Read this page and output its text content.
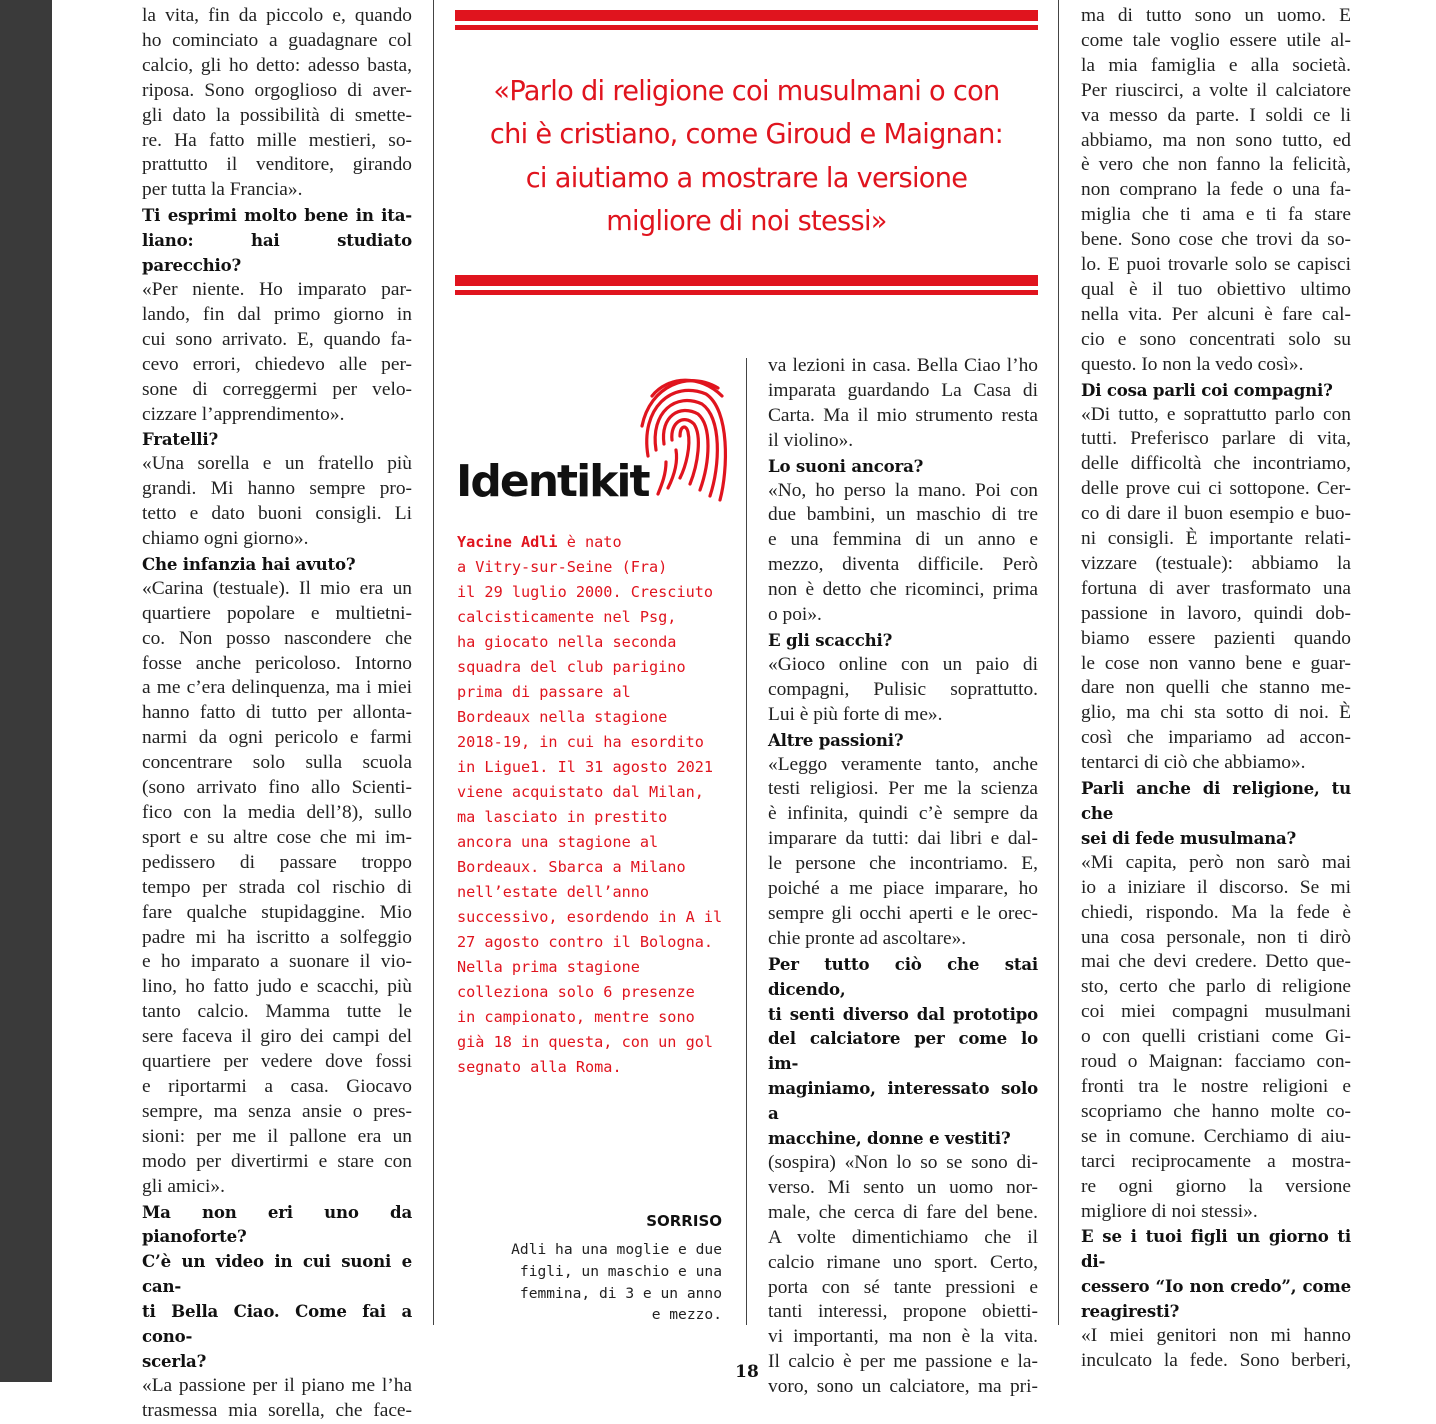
la vita, fin da piccolo e, quando

ho cominciato a guadagnare col

calcio, gli ho detto: adesso basta,

riposa. Sono orgoglioso di aver-

gli dato la possibilità di smette-

re. Ha fatto mille mestieri, so-

prattutto il venditore, girando

per tutta la Francia».

Ti esprimi molto bene in ita-

liano: hai studiato parecchio?

«Per niente. Ho imparato par-

lando, fin dal primo giorno in

cui sono arrivato. E, quando fa-

cevo errori, chiedevo alle per-

sone di correggermi per velo-

cizzare l’apprendimento».

Fratelli?

«Una sorella e un fratello più

grandi. Mi hanno sempre pro-

tetto e dato buoni consigli. Li

chiamo ogni giorno».

Che infanzia hai avuto?

«Carina (testuale). Il mio era un

quartiere popolare e multietni-

co. Non posso nascondere che

fosse anche pericoloso. Intorno

a me c’era delinquenza, ma i miei

hanno fatto di tutto per allonta-

narmi da ogni pericolo e farmi

concentrare solo sulla scuola

(sono arrivato fino allo Scienti-

fico con la media dell’8), sullo

sport e su altre cose che mi im-

pedissero di passare troppo

tempo per strada col rischio di

fare qualche stupidaggine. Mio

padre mi ha iscritto a solfeggio

e ho imparato a suonare il vio-

lino, ho fatto judo e scacchi, più

tanto calcio. Mamma tutte le

sere faceva il giro dei campi del

quartiere per vedere dove fossi

e riportarmi a casa. Giocavo

sempre, ma senza ansie o pres-

sioni: per me il pallone era un

modo per divertirmi e stare con

gli amici».

Ma non eri uno da pianoforte?

C’è un video in cui suoni e can-

ti Bella Ciao. Come fai a cono-

scerla?

«La passione per il piano me l’ha

trasmessa mia sorella, che face-

«Parlo di religione coi musulmani o con
chi è cristiano, come Giroud e Maignan:
ci aiutiamo a mostrare la versione
migliore di noi stessi»
Identikit

Yacine Adli è nato

a Vitry-sur-Seine (Fra)

il 29 luglio 2000. Cresciuto

calcisticamente nel Psg,

ha giocato nella seconda

squadra del club parigino

prima di passare al

Bordeaux nella stagione

2018-19, in cui ha esordito

in Ligue1. Il 31 agosto 2021

viene acquistato dal Milan,

ma lasciato in prestito

ancora una stagione al

Bordeaux. Sbarca a Milano

nell’estate dell’anno

successivo, esordendo in A il

27 agosto contro il Bologna.

Nella prima stagione

colleziona solo 6 presenze

in campionato, mentre sono

già 18 in questa, con un gol

segnato alla Roma.

SORRISO

Adli ha una moglie e due

figli, un maschio e una

femmina, di 3 e un anno

e mezzo.

va lezioni in casa. Bella Ciao l’ho

imparata guardando La Casa di

Carta. Ma il mio strumento resta

il violino».

Lo suoni ancora?

«No, ho perso la mano. Poi con

due bambini, un maschio di tre

e una femmina di un anno e

mezzo, diventa difficile. Però

non è detto che ricominci, prima

o poi».

E gli scacchi?

«Gioco online con un paio di

compagni, Pulisic soprattutto.

Lui è più forte di me».

Altre passioni?

«Leggo veramente tanto, anche

testi religiosi. Per me la scienza

è infinita, quindi c’è sempre da

imparare da tutti: dai libri e dal-

le persone che incontriamo. E,

poiché a me piace imparare, ho

sempre gli occhi aperti e le orec-

chie pronte ad ascoltare».

Per tutto ciò che stai dicendo,

ti senti diverso dal prototipo

del calciatore per come lo im-

maginiamo, interessato solo a

macchine, donne e vestiti?

(sospira) «Non lo so se sono di-

verso. Mi sento un uomo nor-

male, che cerca di fare del bene.

A volte dimentichiamo che il

calcio rimane uno sport. Certo,

porta con sé tante pressioni e

tanti interessi, propone obietti-

vi importanti, ma non è la vita.

Il calcio è per me passione e la-

voro, sono un calciatore, ma pri-

ma di tutto sono un uomo. E

come tale voglio essere utile al-

la mia famiglia e alla società.

Per riuscirci, a volte il calciatore

va messo da parte. I soldi ce li

abbiamo, ma non sono tutto, ed

è vero che non fanno la felicità,

non comprano la fede o una fa-

miglia che ti ama e ti fa stare

bene. Sono cose che trovi da so-

lo. E puoi trovarle solo se capisci

qual è il tuo obiettivo ultimo

nella vita. Per alcuni è fare cal-

cio e sono concentrati solo su

questo. Io non la vedo così».

Di cosa parli coi compagni?

«Di tutto, e soprattutto parlo con

tutti. Preferisco parlare di vita,

delle difficoltà che incontriamo,

delle prove cui ci sottopone. Cer-

co di dare il buon esempio e buo-

ni consigli. È importante relati-

vizzare (testuale): abbiamo la

fortuna di aver trasformato una

passione in lavoro, quindi dob-

biamo essere pazienti quando

le cose non vanno bene e guar-

dare non quelli che stanno me-

glio, ma chi sta sotto di noi. È

così che impariamo ad accon-

tentarci di ciò che abbiamo».

Parli anche di religione, tu che

sei di fede musulmana?

«Mi capita, però non sarò mai

io a iniziare il discorso. Se mi

chiedi, rispondo. Ma la fede è

una cosa personale, non ti dirò

mai che devi credere. Detto que-

sto, certo che parlo di religione

coi miei compagni musulmani

o con quelli cristiani come Gi-

roud o Maignan: facciamo con-

fronti tra le nostre religioni e

scopriamo che hanno molte co-

se in comune. Cerchiamo di aiu-

tarci reciprocamente a mostra-

re ogni giorno la versione

migliore di noi stessi».

E se i tuoi figli un giorno ti di-

cessero “Io non credo”, come

reagiresti?

«I miei genitori non mi hanno

inculcato la fede. Sono berberi,

18
